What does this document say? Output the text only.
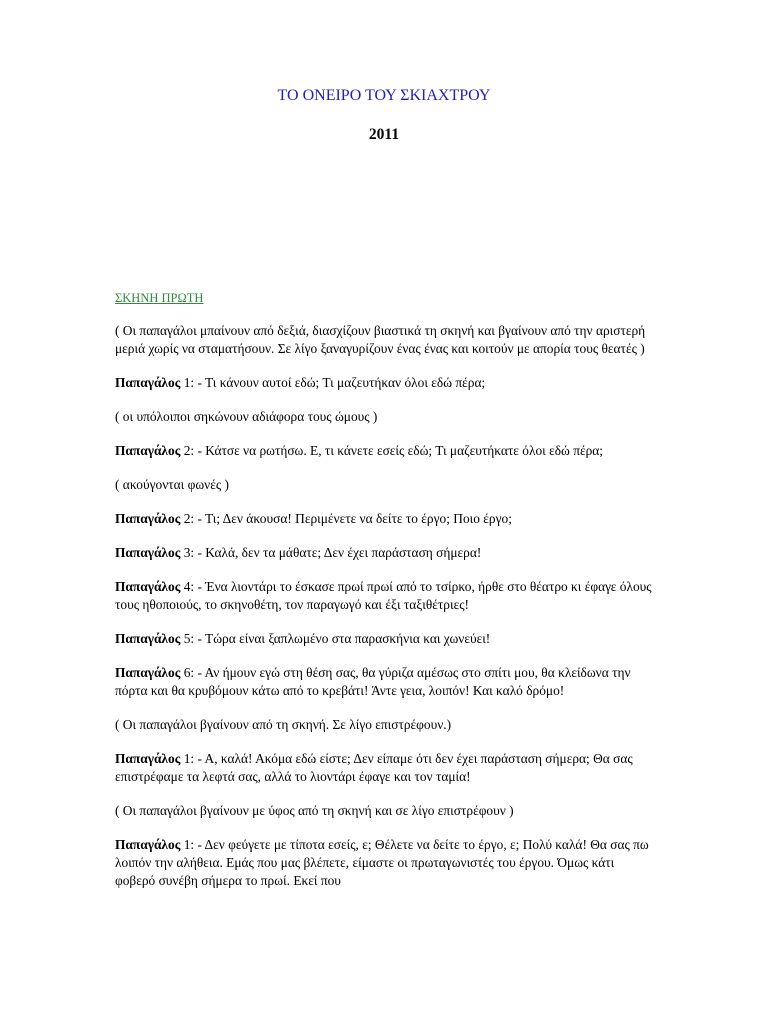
ΤΟ ΟΝΕΙΡΟ ΤΟΥ ΣΚΙΑΧΤΡΟΥ
2011
ΣΚΗΝΗ ΠΡΩΤΗ

( Οι παπαγάλοι μπαίνουν από δεξιά, διασχίζουν βιαστικά τη σκηνή και βγαίνουν από την αριστερή μεριά χωρίς να σταματήσουν. Σε λίγο ξαναγυρίζουν ένας ένας και κοιτούν με απορία τους θεατές )

Παπαγάλος 1: - Τι κάνουν αυτοί εδώ; Τι μαζευτήκαν όλοι εδώ πέρα;

( οι υπόλοιποι σηκώνουν αδιάφορα τους ώμους )

Παπαγάλος 2: - Κάτσε να ρωτήσω. Ε, τι κάνετε εσείς εδώ; Τι μαζευτήκατε όλοι εδώ πέρα;

( ακούγονται φωνές )

Παπαγάλος 2: - Τι; Δεν άκουσα! Περιμένετε να δείτε το έργο; Ποιο έργο;

Παπαγάλος 3: - Καλά, δεν τα μάθατε; Δεν έχει παράσταση σήμερα!

Παπαγάλος 4: - Ένα λιοντάρι το έσκασε πρωί πρωί από το τσίρκο, ήρθε στο θέατρο κι έφαγε όλους τους ηθοποιούς, το σκηνοθέτη, τον παραγωγό και έξι ταξιθέτριες!

Παπαγάλος 5: - Τώρα είναι ξαπλωμένο στα παρασκήνια και χωνεύει!

Παπαγάλος 6: - Αν ήμουν εγώ στη θέση σας, θα γύριζα αμέσως στο σπίτι μου, θα κλείδωνα την πόρτα και θα κρυβόμουν κάτω από το κρεβάτι! Άντε γεια, λοιπόν! Και καλό δρόμο!

( Οι παπαγάλοι βγαίνουν από τη σκηνή. Σε λίγο επιστρέφουν.)

Παπαγάλος 1: - Α, καλά! Ακόμα εδώ είστε; Δεν είπαμε ότι δεν έχει παράσταση σήμερα; Θα σας επιστρέφαμε τα λεφτά σας, αλλά το λιοντάρι έφαγε και τον ταμία!

( Οι παπαγάλοι βγαίνουν με ύφος από τη σκηνή και σε λίγο επιστρέφουν )

Παπαγάλος 1: - Δεν φεύγετε με τίποτα εσείς, ε; Θέλετε να δείτε το έργο, ε; Πολύ καλά! Θα σας πω λοιπόν την αλήθεια. Εμάς που μας βλέπετε, είμαστε οι πρωταγωνιστές του έργου. Όμως κάτι φοβερό συνέβη σήμερα το πρωί. Εκεί που
